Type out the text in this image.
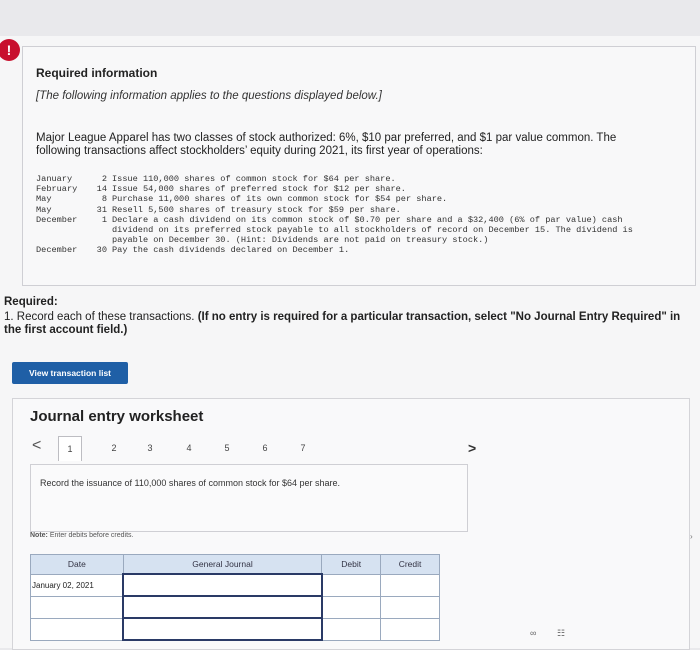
!
Required information
[The following information applies to the questions displayed below.]
Major League Apparel has two classes of stock authorized: 6%, $10 par preferred, and $1 par value common. The following transactions affect stockholders’ equity during 2021, its first year of operations:
January	2 Issue 110,000 shares of common stock for $64 per share.
February	14 Issue 54,000 shares of preferred stock for $12 per share.
May	8 Purchase 11,000 shares of its own common stock for $54 per share.
May	31 Resell 5,500 shares of treasury stock for $59 per share.
December	1 Declare a cash dividend on its common stock of $0.70 per share and a $32,400 (6% of par value) cash
dividend on its preferred stock payable to all stockholders of record on December 15. The dividend is
payable on December 30. (Hint: Dividends are not paid on treasury stock.)
December	30 Pay the cash dividends declared on December 1.
Required:
1. Record each of these transactions. (If no entry is required for a particular transaction, select "No Journal Entry Required" in the first account field.)
View transaction list
Journal entry worksheet
<	1	2	3	4	5	6	7	>
Record the issuance of 110,000 shares of common stock for $64 per share.
Note: Enter debits before credits.
Date	General Journal	Debit	Credit
January 02, 2021			

∞ ☷
›
